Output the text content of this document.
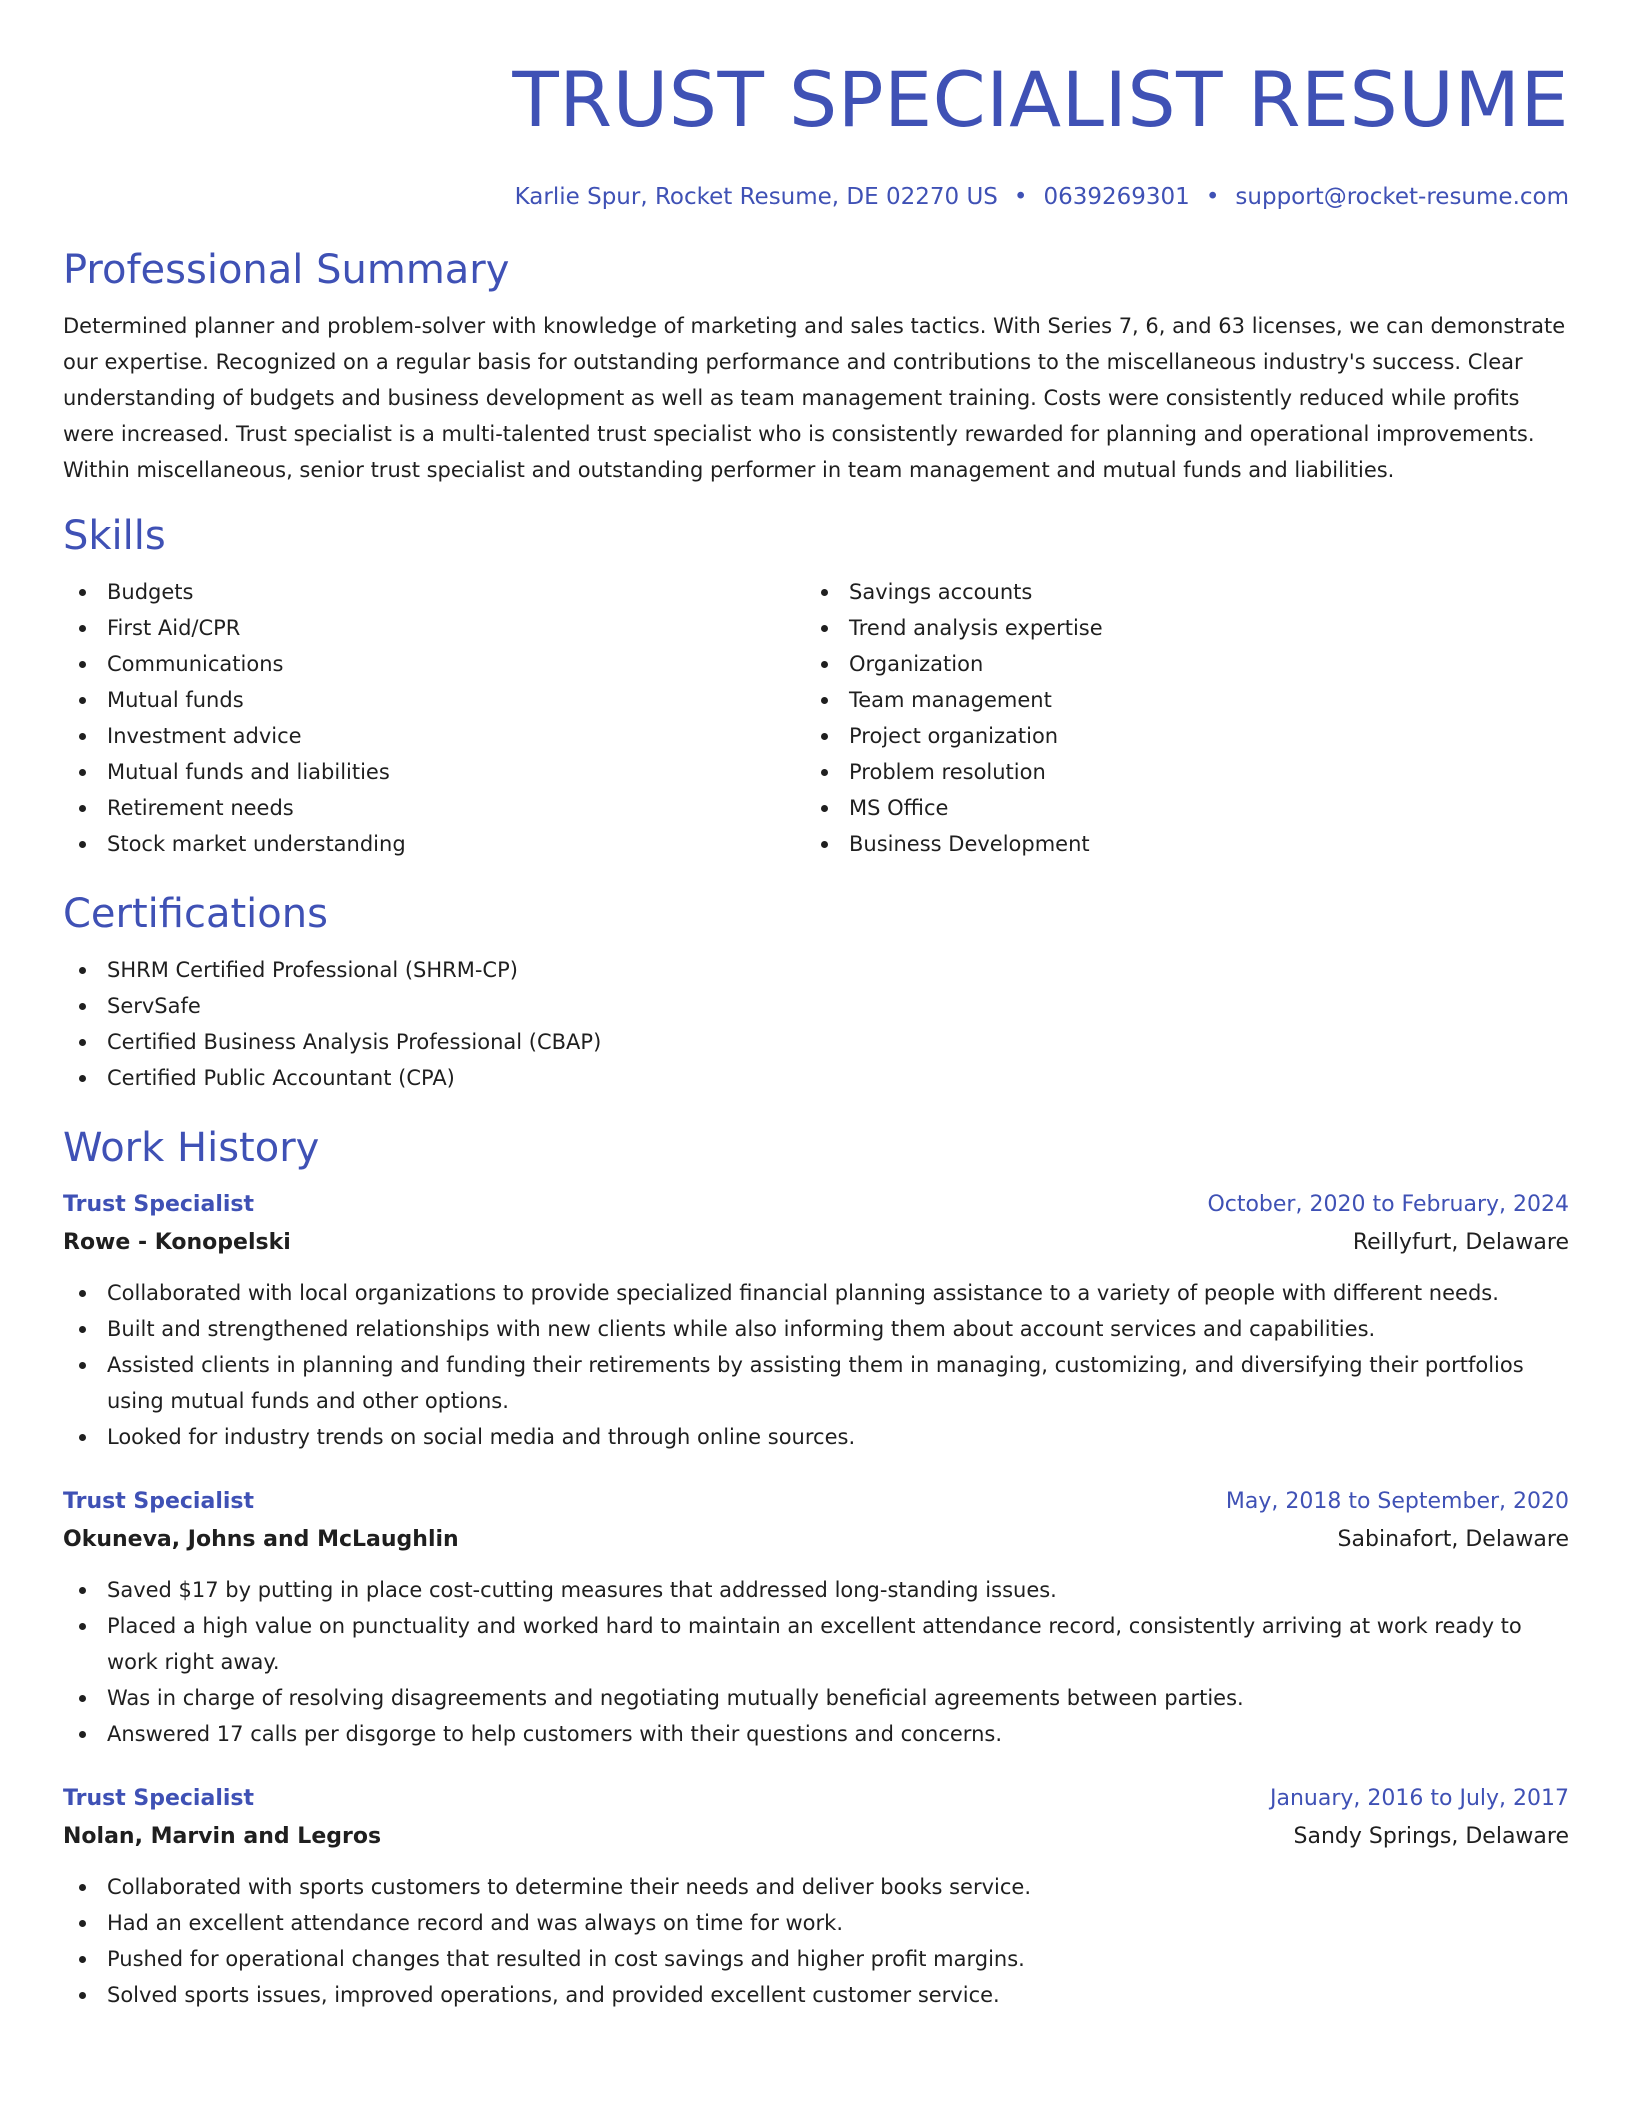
TRUST SPECIALIST RESUME
Karlie Spur, Rocket Resume, DE 02270 US • 0639269301 • support@rocket-resume.com
Professional Summary

Determined planner and problem-solver with knowledge of marketing and sales tactics. With Series 7, 6, and 63 licenses, we can demonstrate our expertise. Recognized on a regular basis for outstanding performance and contributions to the miscellaneous industry's success. Clear understanding of budgets and business development as well as team management training. Costs were consistently reduced while profits were increased. Trust specialist is a multi-talented trust specialist who is consistently rewarded for planning and operational improvements. Within miscellaneous, senior trust specialist and outstanding performer in team management and mutual funds and liabilities.

Skills
Budgets
First Aid/CPR
Communications
Mutual funds
Investment advice
Mutual funds and liabilities
Retirement needs
Stock market understanding
Savings accounts
Trend analysis expertise
Organization
Team management
Project organization
Problem resolution
MS Office
Business Development
Certifications
SHRM Certified Professional (SHRM-CP)
ServSafe
Certified Business Analysis Professional (CBAP)
Certified Public Accountant (CPA)
Work History
Trust Specialist	October, 2020 to February, 2024
Rowe - Konopelski	Reillyfurt, Delaware
Collaborated with local organizations to provide specialized financial planning assistance to a variety of people with different needs.
Built and strengthened relationships with new clients while also informing them about account services and capabilities.
Assisted clients in planning and funding their retirements by assisting them in managing, customizing, and diversifying their portfolios using mutual funds and other options.
Looked for industry trends on social media and through online sources.
Trust Specialist	May, 2018 to September, 2020
Okuneva, Johns and McLaughlin	Sabinafort, Delaware
Saved $17 by putting in place cost-cutting measures that addressed long-standing issues.
Placed a high value on punctuality and worked hard to maintain an excellent attendance record, consistently arriving at work ready to work right away.
Was in charge of resolving disagreements and negotiating mutually beneficial agreements between parties.
Answered 17 calls per disgorge to help customers with their questions and concerns.
Trust Specialist	January, 2016 to July, 2017
Nolan, Marvin and Legros	Sandy Springs, Delaware
Collaborated with sports customers to determine their needs and deliver books service.
Had an excellent attendance record and was always on time for work.
Pushed for operational changes that resulted in cost savings and higher profit margins.
Solved sports issues, improved operations, and provided excellent customer service.
